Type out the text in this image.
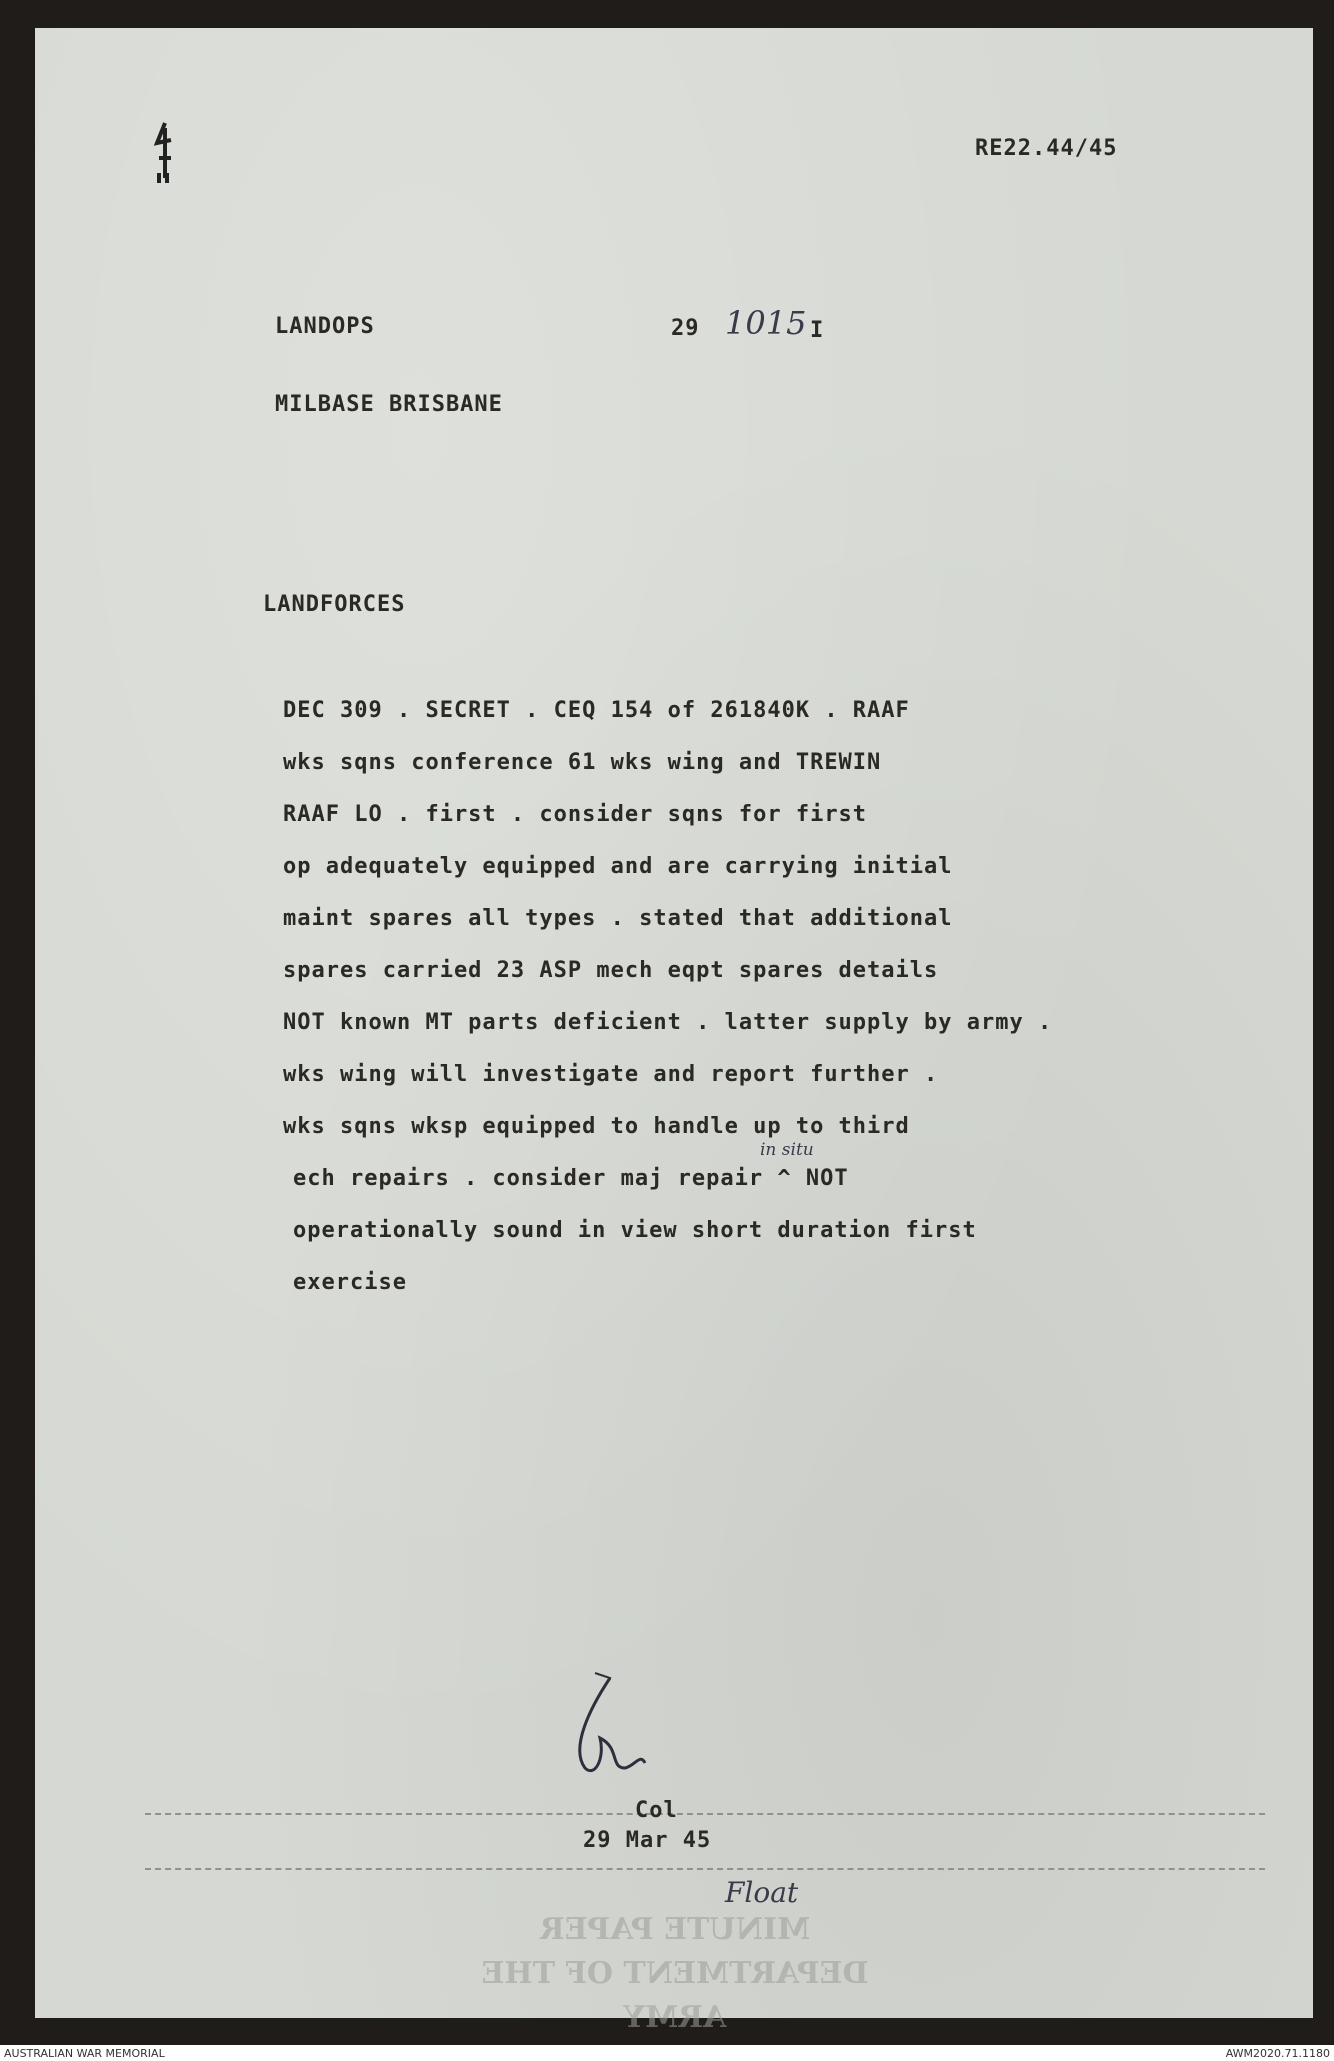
RE22.44/45
LANDOPS	29 1015 I
MILBASE BRISBANE
LANDFORCES
DEC 309 . SECRET . CEQ 154 of 261840K . RAAF
wks sqns conference 61 wks wing and TREWIN
RAAF LO . first . consider sqns for first
op adequately equipped and are carrying initial
maint spares all types . stated that additional
spares carried 23 ASP mech eqpt spares details
NOT known MT parts deficient . latter supply by army .
wks wing will investigate and report further .
wks sqns wksp equipped to handle up to third
ech repairs . consider maj repair ^ NOT
operationally sound in view short duration first
exercise
in situ
Col
29 Mar 45
Float
MINUTE PAPER DEPARTMENT OF THE ARMY
AUSTRALIAN WAR MEMORIAL	AWM2020.71.1180
